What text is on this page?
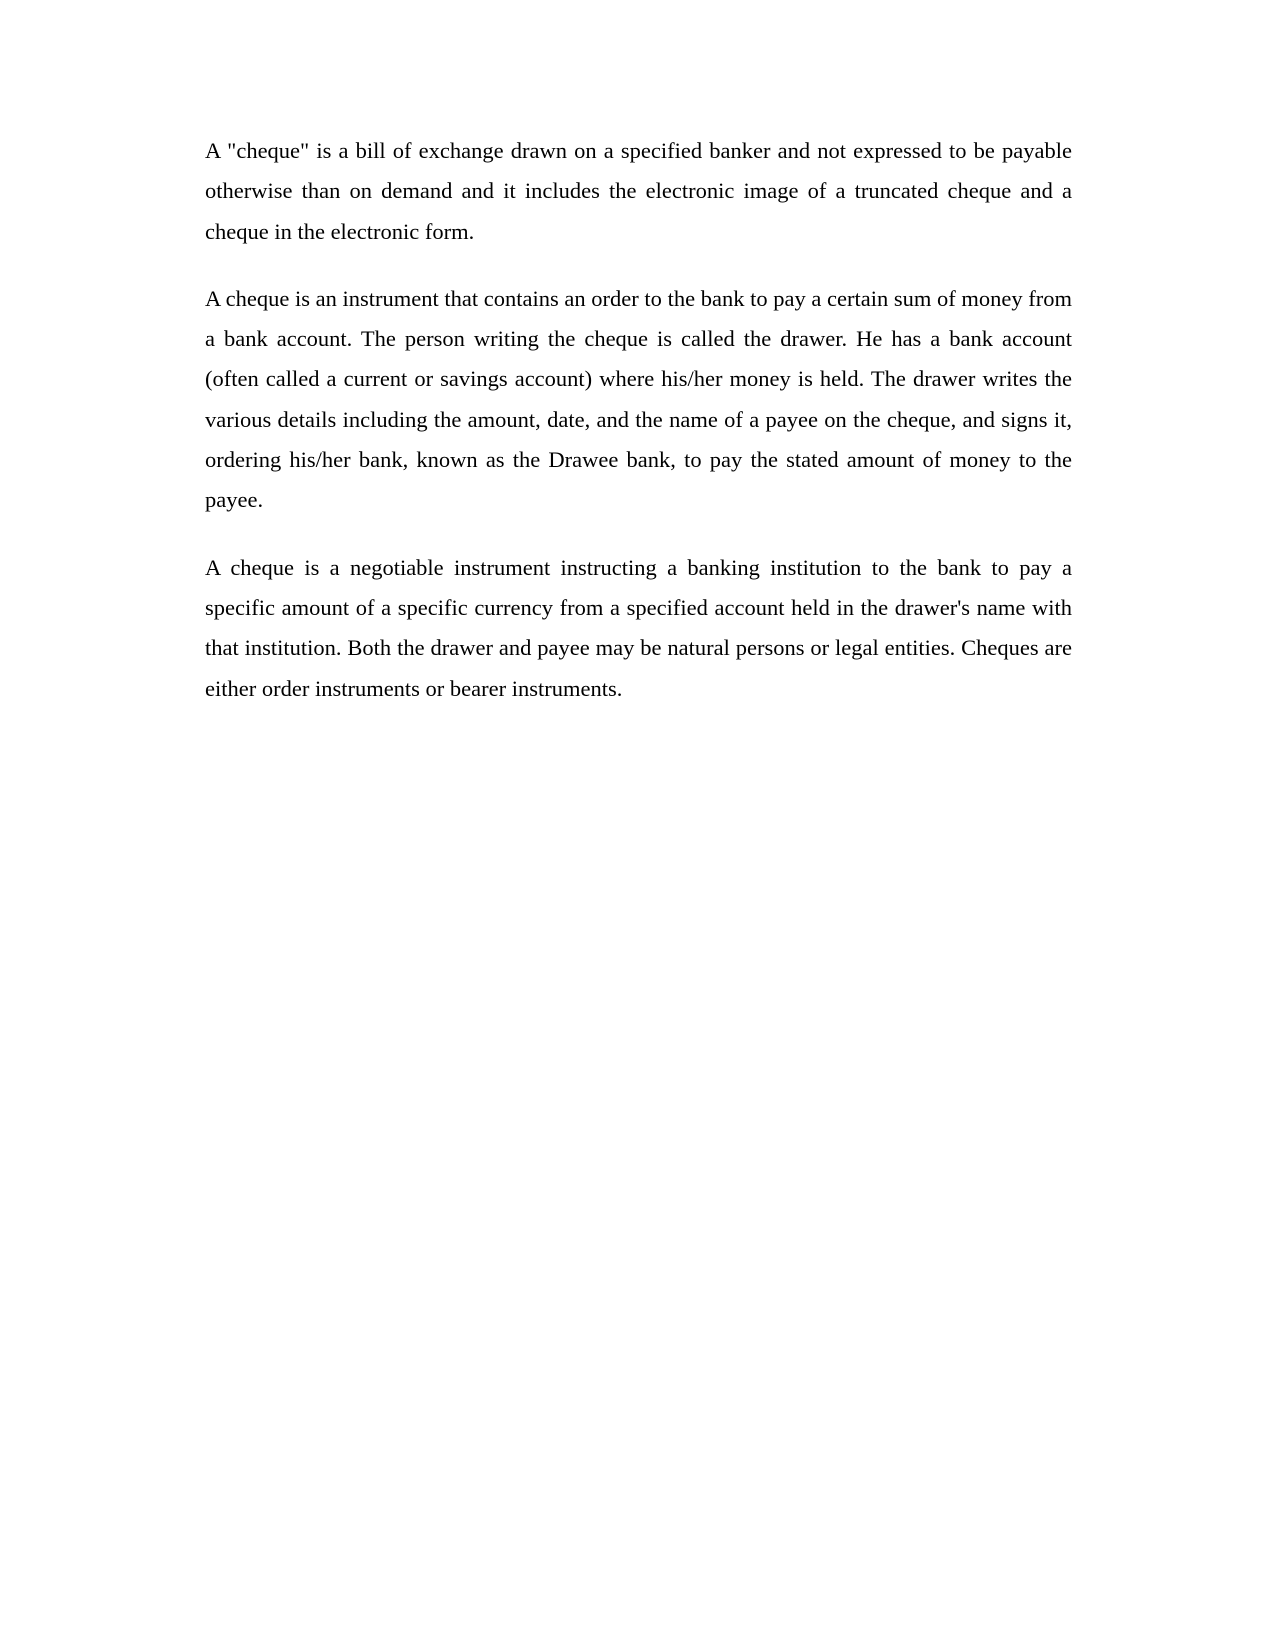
A "cheque" is a bill of exchange drawn on a specified banker and not expressed to be payable otherwise than on demand and it includes the electronic image of a truncated cheque and a cheque in the electronic form.

A cheque is an instrument that contains an order to the bank to pay a certain sum of money from a bank account. The person writing the cheque is called the drawer. He has a bank account (often called a current or savings account) where his/her money is held. The drawer writes the various details including the amount, date, and the name of a payee on the cheque, and signs it, ordering his/her bank, known as the Drawee bank, to pay the stated amount of money to the payee.

A cheque is a negotiable instrument instructing a banking institution to the bank to pay a specific amount of a specific currency from a specified account held in the drawer's name with that institution. Both the drawer and payee may be natural persons or legal entities. Cheques are either order instruments or bearer instruments.
